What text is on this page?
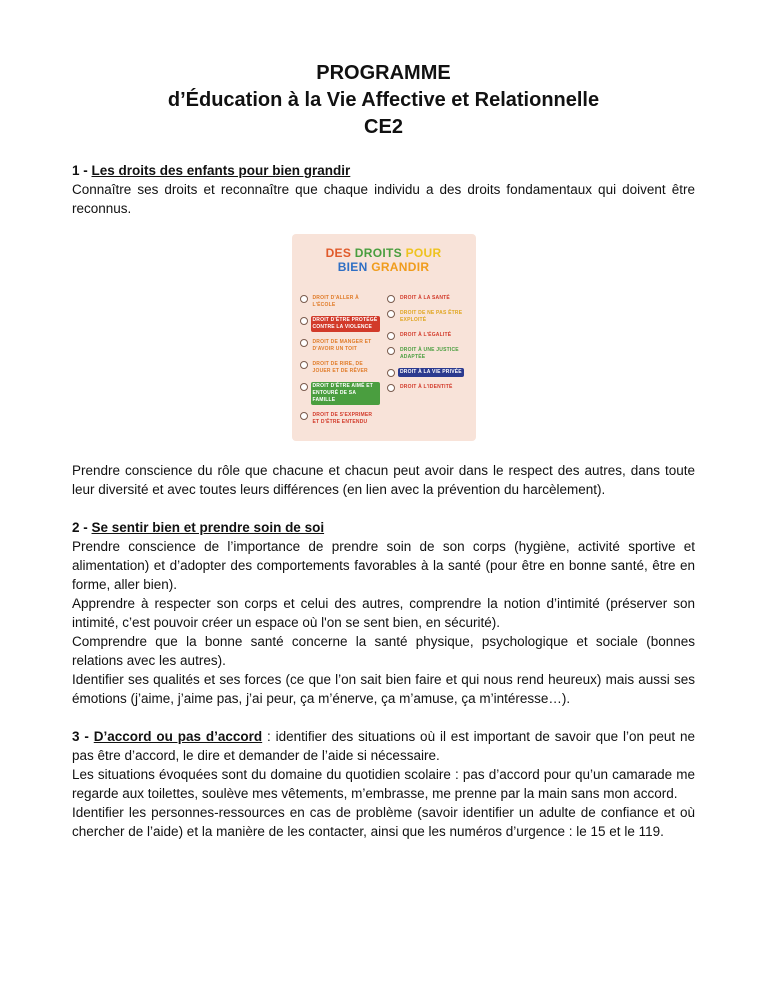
PROGRAMME
d’Éducation à la Vie Affective et Relationnelle
CE2

1 - Les droits des enfants pour bien grandir

Connaître ses droits et reconnaître que chaque individu a des droits fondamentaux qui doivent être reconnus.

DES DROITS POUR
BIEN GRANDIR
DROIT D'ALLER À L'ÉCOLE
DROIT D'ÊTRE PROTÉGÉ CONTRE LA VIOLENCE
DROIT DE MANGER ET D'AVOIR UN TOIT
DROIT DE RIRE, DE JOUER ET DE RÊVER
DROIT D'ÊTRE AIMÉ ET ENTOURÉ DE SA FAMILLE
DROIT DE S'EXPRIMER ET D'ÊTRE ENTENDU
DROIT À LA SANTÉ
DROIT DE NE PAS ÊTRE EXPLOITÉ
DROIT À L'ÉGALITÉ
DROIT À UNE JUSTICE ADAPTÉE
DROIT À LA VIE PRIVÉE
DROIT À L'IDENTITÉ

Prendre conscience du rôle que chacune et chacun peut avoir dans le respect des autres, dans toute leur diversité et avec toutes leurs différences (en lien avec la prévention du harcèlement).

2 - Se sentir bien et prendre soin de soi

Prendre conscience de l’importance de prendre soin de son corps (hygiène, activité sportive et alimentation) et d’adopter des comportements favorables à la santé (pour être en bonne santé, être en forme, aller bien).

Apprendre à respecter son corps et celui des autres, comprendre la notion d’intimité (préserver son intimité, c’est pouvoir créer un espace où l'on se sent bien, en sécurité).

Comprendre que la bonne santé concerne la santé physique, psychologique et sociale (bonnes relations avec les autres).

Identifier ses qualités et ses forces (ce que l’on sait bien faire et qui nous rend heureux) mais aussi ses émotions (j’aime, j’aime pas, j’ai peur, ça m’énerve, ça m’amuse, ça m’intéresse…).

3 - D’accord ou pas d’accord : identifier des situations où il est important de savoir que l’on peut ne pas être d’accord, le dire et demander de l’aide si nécessaire.

Les situations évoquées sont du domaine du quotidien scolaire : pas d’accord pour qu’un camarade me regarde aux toilettes, soulève mes vêtements, m’embrasse, me prenne par la main sans mon accord.

Identifier les personnes-ressources en cas de problème (savoir identifier un adulte de confiance et où chercher de l’aide) et la manière de les contacter, ainsi que les numéros d’urgence : le 15 et le 119.
